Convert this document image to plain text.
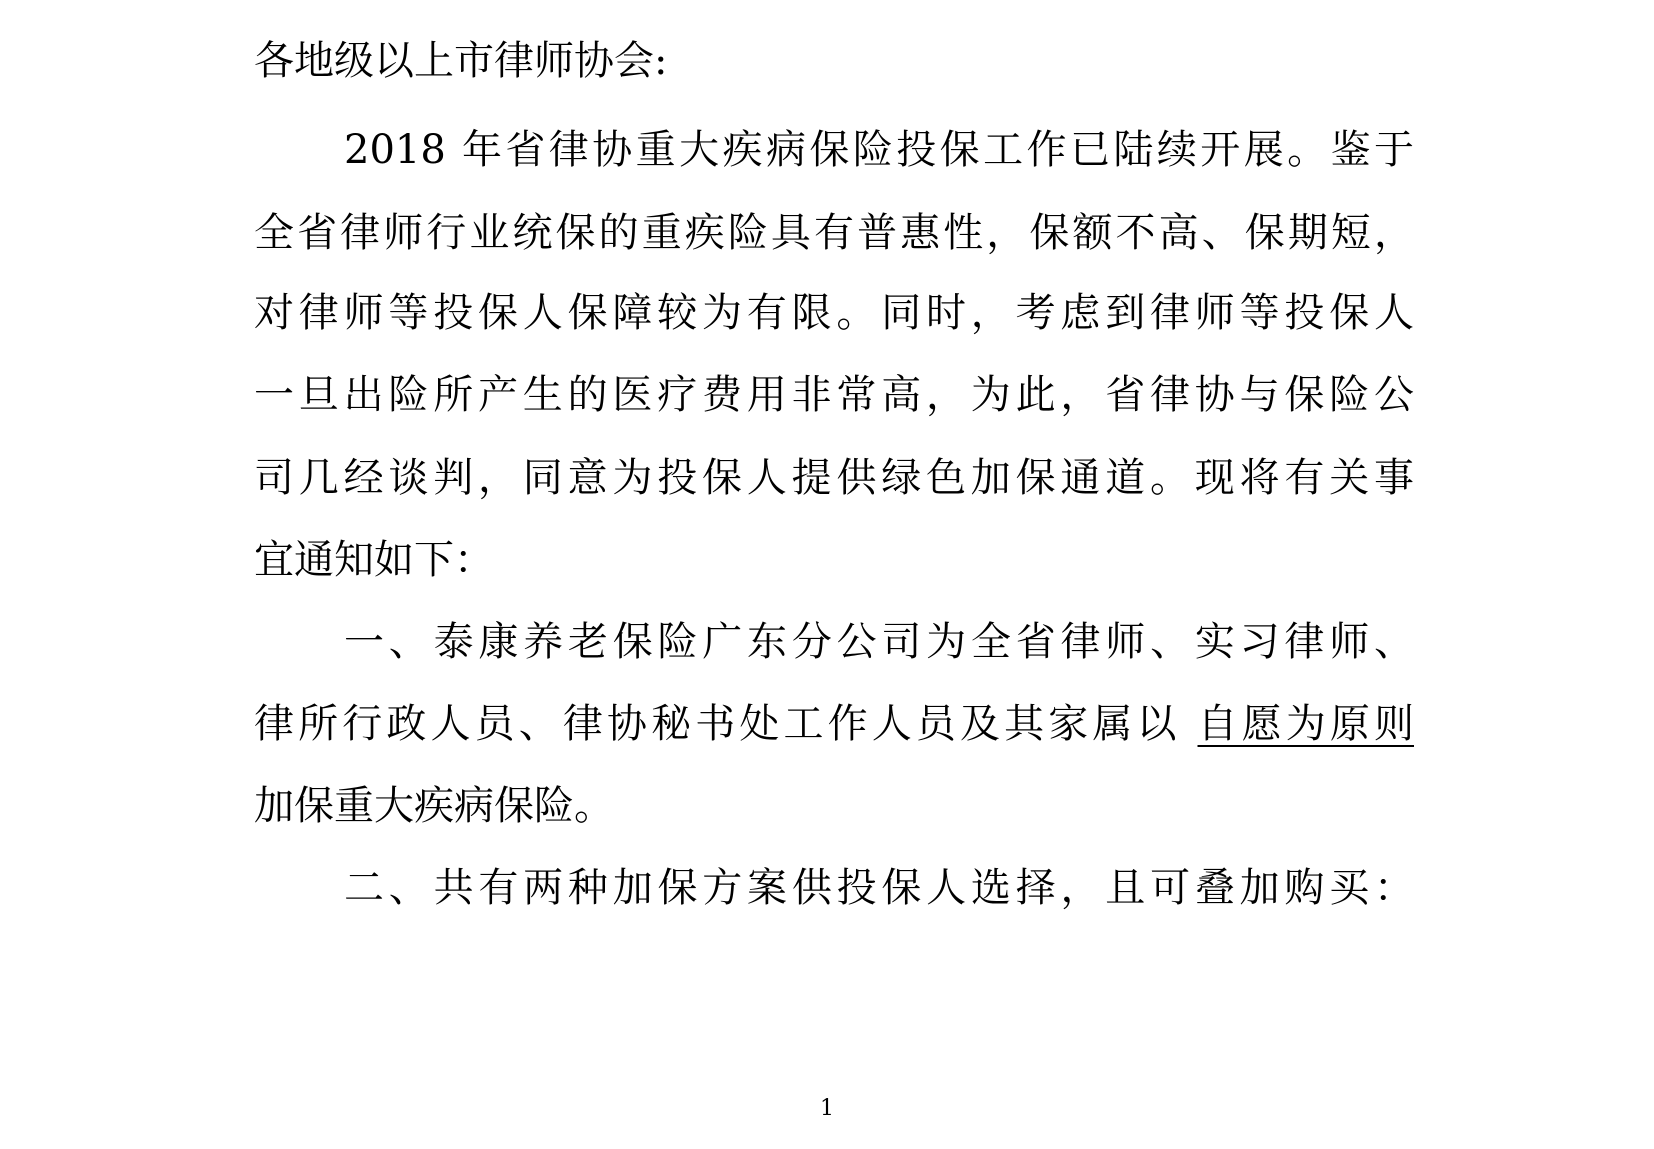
各地级以上市律师协会:
2018 年省律协重大疾病保险投保工作已陆续开展。鉴于
全省律师行业统保的重疾险具有普惠性，保额不高、保期短，
对律师等投保人保障较为有限。同时，考虑到律师等投保人
一旦出险所产生的医疗费用非常高，为此，省律协与保险公
司几经谈判，同意为投保人提供绿色加保通道。现将有关事
宜通知如下：
一、泰康养老保险广东分公司为全省律师、实习律师、
律所行政人员、律协秘书处工作人员及其家属以 自愿为原则
加保重大疾病保险。
二、共有两种加保方案供投保人选择，且可叠加购买：
1
